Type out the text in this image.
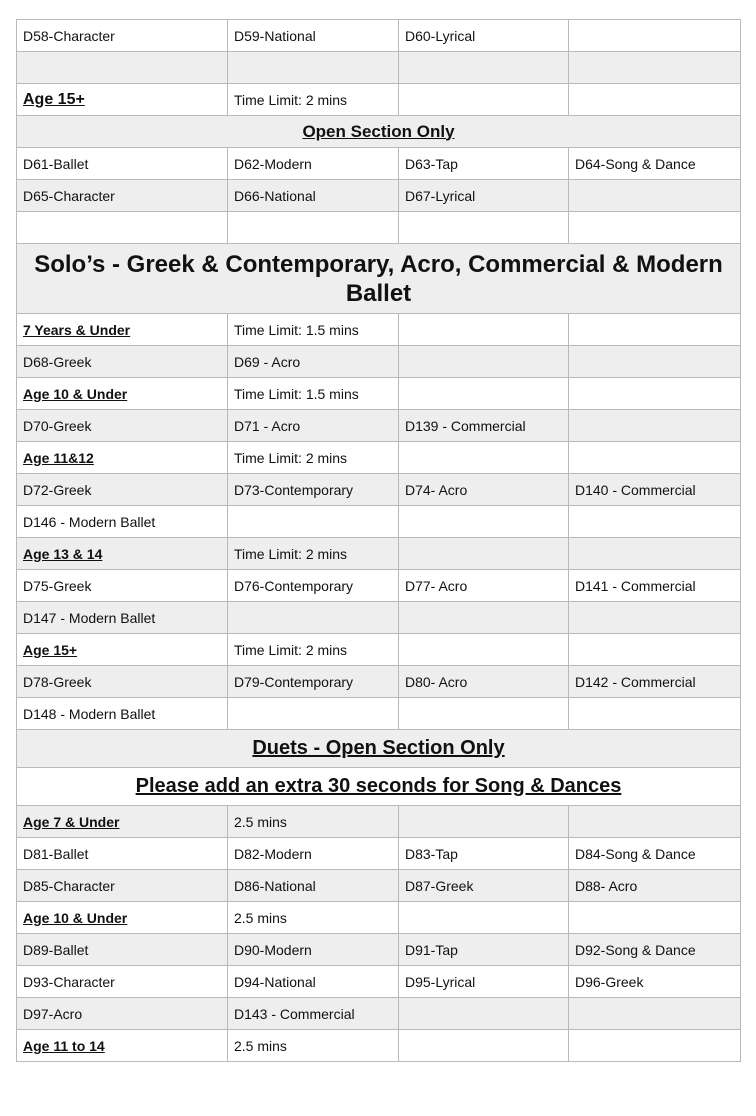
D58-Character	D59-National	D60-Lyrical	

Age 15+	Time Limit: 2 mins		
Open Section Only			
D61-Ballet	D62-Modern	D63-Tap	D64-Song & Dance
D65-Character	D66-National	D67-Lyrical	

Solo’s - Greek & Contemporary, Acro, Commercial & Modern Ballet			
7 Years & Under	Time Limit: 1.5 mins		
D68-Greek	D69 - Acro		
Age 10 & Under	Time Limit: 1.5 mins		
D70-Greek	D71 - Acro	D139 - Commercial	
Age 11&12	Time Limit: 2 mins		
D72-Greek	D73-Contemporary	D74- Acro	D140 - Commercial
D146 - Modern Ballet			
Age 13 & 14	Time Limit: 2 mins		
D75-Greek	D76-Contemporary	D77- Acro	D141 - Commercial
D147 - Modern Ballet			
Age 15+	Time Limit: 2 mins		
D78-Greek	D79-Contemporary	D80- Acro	D142 - Commercial
D148 - Modern Ballet			
Duets - Open Section Only			
Please add an extra 30 seconds for Song & Dances			
Age 7 & Under	2.5 mins		
D81-Ballet	D82-Modern	D83-Tap	D84-Song & Dance
D85-Character	D86-National	D87-Greek	D88- Acro
Age 10 & Under	2.5 mins		
D89-Ballet	D90-Modern	D91-Tap	D92-Song & Dance
D93-Character	D94-National	D95-Lyrical	D96-Greek
D97-Acro	D143 - Commercial		
Age 11 to 14	2.5 mins		
